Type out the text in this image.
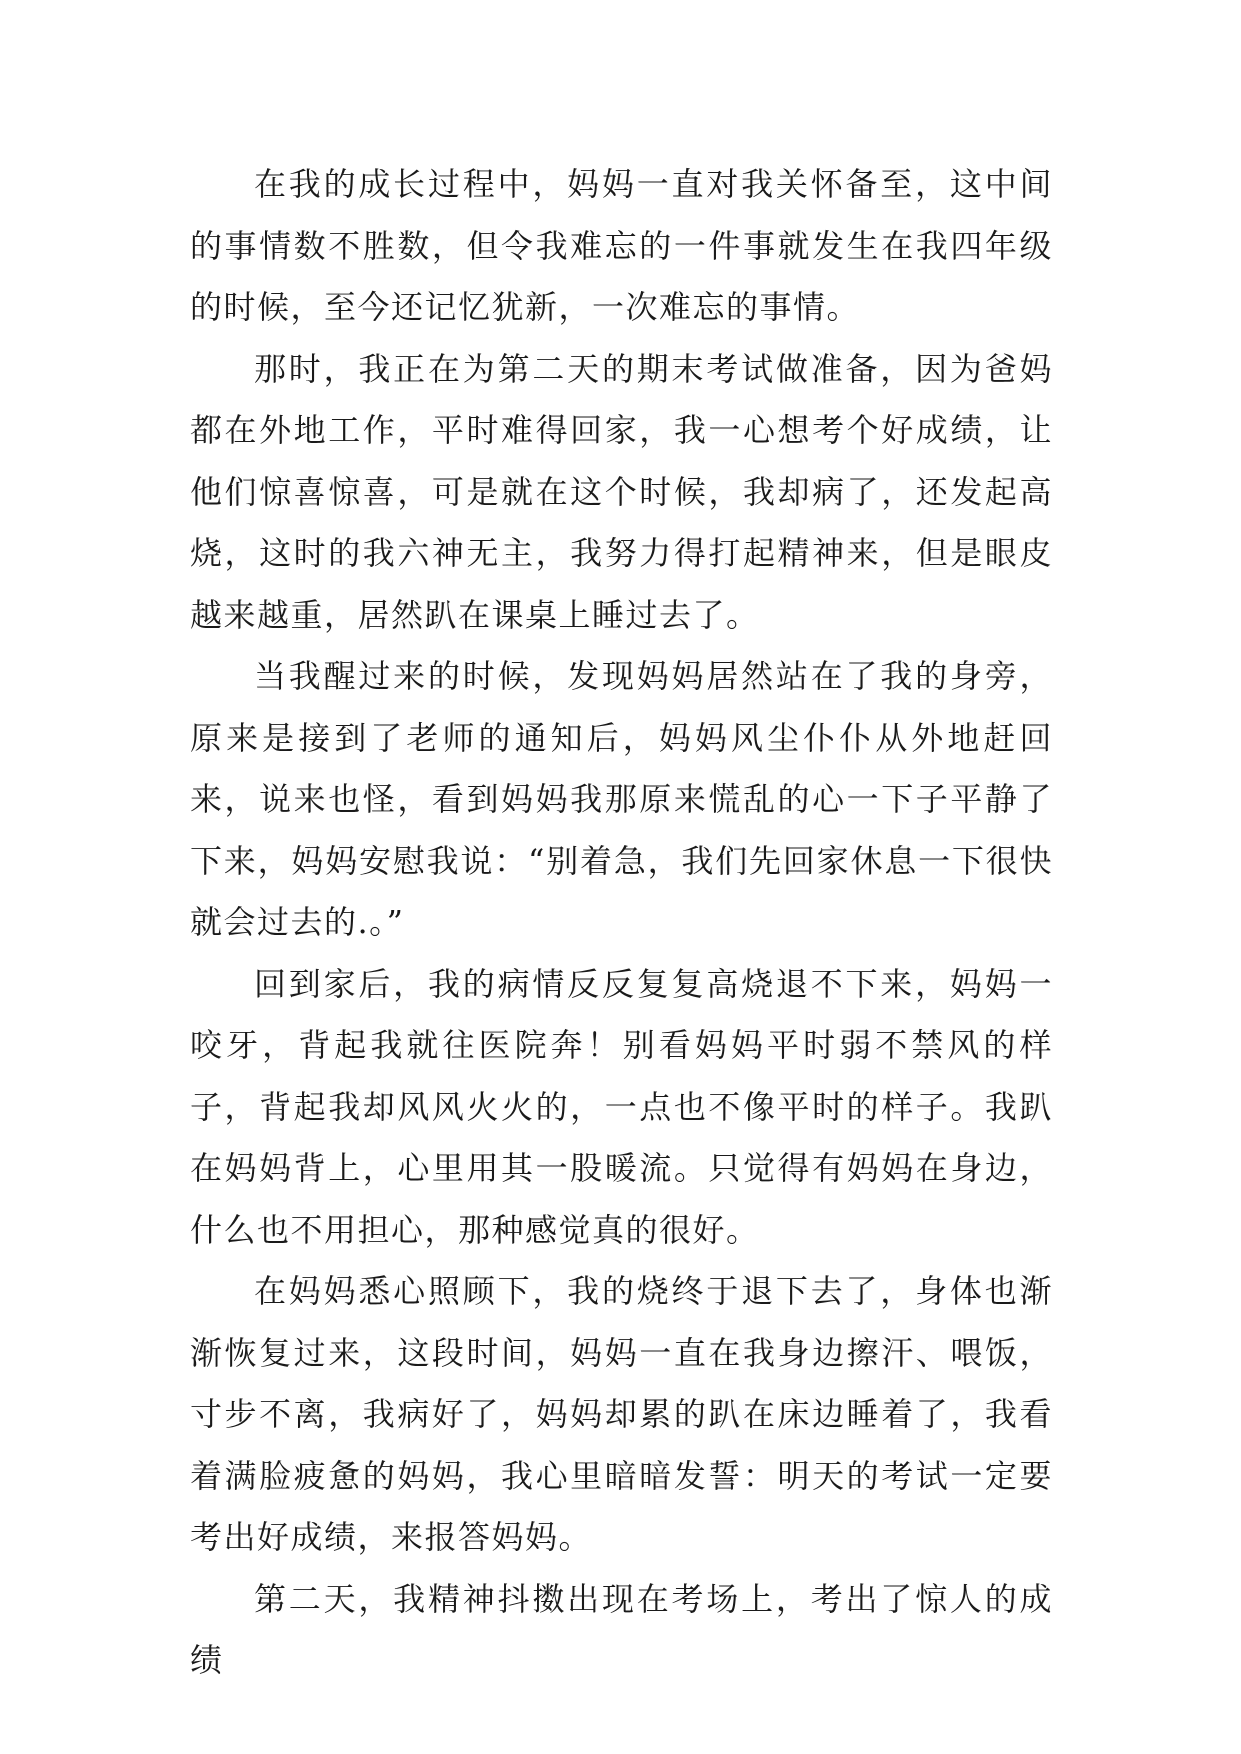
在我的成长过程中，妈妈一直对我关怀备至，这中间的事情数不胜数，但令我难忘的一件事就发生在我四年级的时候，至今还记忆犹新，一次难忘的事情。

那时，我正在为第二天的期末考试做准备，因为爸妈都在外地工作，平时难得回家，我一心想考个好成绩，让他们惊喜惊喜，可是就在这个时候，我却病了，还发起高烧，这时的我六神无主，我努力得打起精神来，但是眼皮越来越重，居然趴在课桌上睡过去了。

当我醒过来的时候，发现妈妈居然站在了我的身旁，原来是接到了老师的通知后，妈妈风尘仆仆从外地赶回来，说来也怪，看到妈妈我那原来慌乱的心一下子平静了下来，妈妈安慰我说：“别着急，我们先回家休息一下很快就会过去的.。”

回到家后，我的病情反反复复高烧退不下来，妈妈一咬牙，背起我就往医院奔！别看妈妈平时弱不禁风的样子，背起我却风风火火的，一点也不像平时的样子。我趴在妈妈背上，心里用其一股暖流。只觉得有妈妈在身边，什么也不用担心，那种感觉真的很好。

在妈妈悉心照顾下，我的烧终于退下去了，身体也渐渐恢复过来，这段时间，妈妈一直在我身边擦汗、喂饭，寸步不离，我病好了，妈妈却累的趴在床边睡着了，我看着满脸疲惫的妈妈，我心里暗暗发誓：明天的考试一定要考出好成绩，来报答妈妈。

第二天，我精神抖擞出现在考场上，考出了惊人的成绩
